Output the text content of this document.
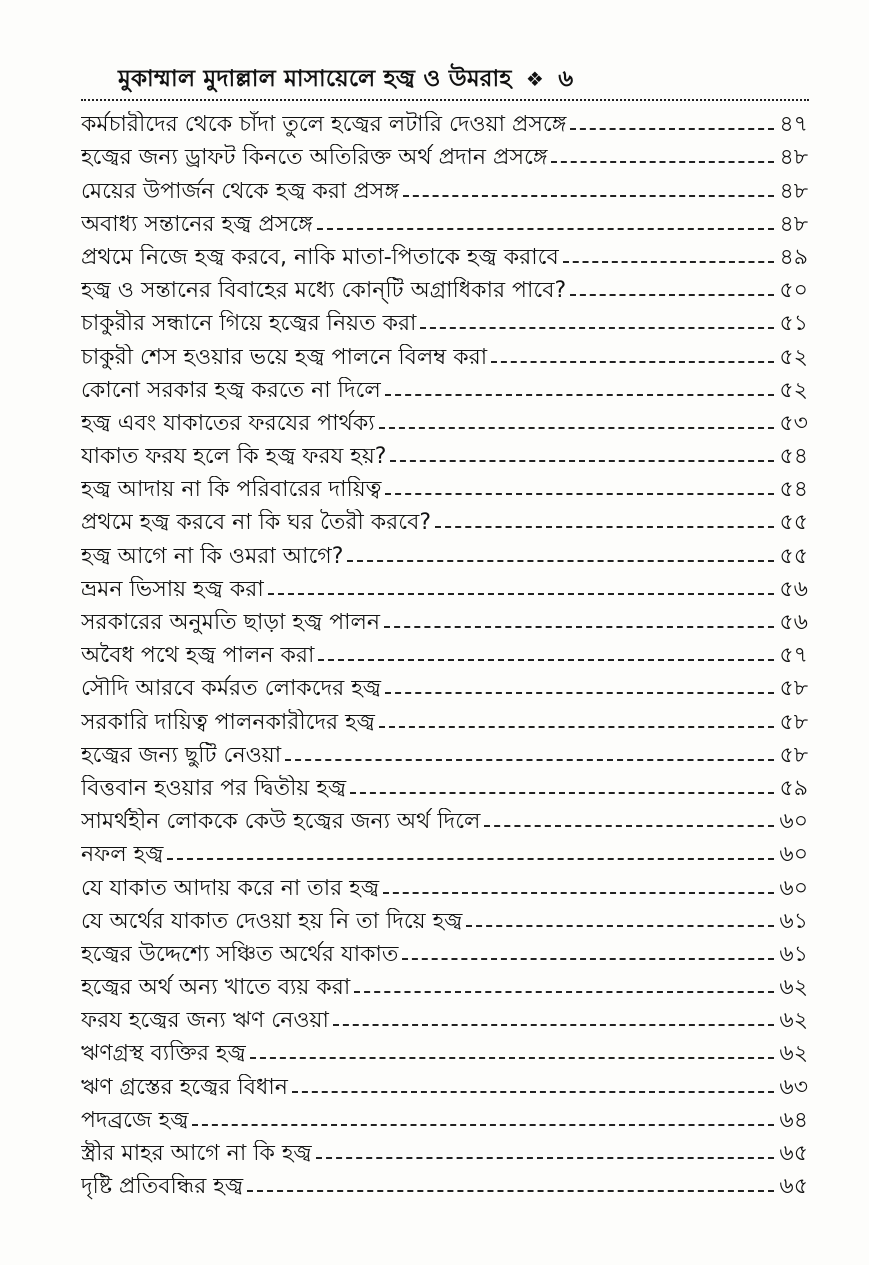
মুকাম্মাল মুদাল্লাল মাসায়েলে হজ্ব ও উমরাহ ❖ ৬
কর্মচারীদের থেকে চাঁদা তুলে হজ্বের লটারি দেওয়া প্রসঙ্গে	৪৭
হজ্বের জন্য ড্রাফট কিনতে অতিরিক্ত অর্থ প্রদান প্রসঙ্গে	৪৮
মেয়ের উপার্জন থেকে হজ্ব করা প্রসঙ্গ	৪৮
অবাধ্য সন্তানের হজ্ব প্রসঙ্গে	৪৮
প্রথমে নিজে হজ্ব করবে, নাকি মাতা-পিতাকে হজ্ব করাবে	৪৯
হজ্ব ও সন্তানের বিবাহের মধ্যে কোন্‌টি অগ্রাধিকার পাবে?	৫০
চাকুরীর সন্ধানে গিয়ে হজ্বের নিয়ত করা	৫১
চাকুরী শেস হওয়ার ভয়ে হজ্ব পালনে বিলম্ব করা	৫২
কোনো সরকার হজ্ব করতে না দিলে	৫২
হজ্ব এবং যাকাতের ফরযের পার্থক্য	৫৩
যাকাত ফরয হলে কি হজ্ব ফরয হয়?	৫৪
হজ্ব আদায় না কি পরিবারের দায়িত্ব	৫৪
প্রথমে হজ্ব করবে না কি ঘর তৈরী করবে?	৫৫
হজ্ব আগে না কি ওমরা আগে?	৫৫
ভ্রমন ভিসায় হজ্ব করা	৫৬
সরকারের অনুমতি ছাড়া হজ্ব পালন	৫৬
অবৈধ পথে হজ্ব পালন করা	৫৭
সৌদি আরবে কর্মরত লোকদের হজ্ব	৫৮
সরকারি দায়িত্ব পালনকারীদের হজ্ব	৫৮
হজ্বের জন্য ছুটি নেওয়া	৫৮
বিত্তবান হওয়ার পর দ্বিতীয় হজ্ব	৫৯
সামর্থহীন লোককে কেউ হজ্বের জন্য অর্থ দিলে	৬০
নফল হজ্ব	৬০
যে যাকাত আদায় করে না তার হজ্ব	৬০
যে অর্থের যাকাত দেওয়া হয় নি তা দিয়ে হজ্ব	৬১
হজ্বের উদ্দেশ্যে সঞ্চিত অর্থের যাকাত	৬১
হজ্বের অর্থ অন্য খাতে ব্যয় করা	৬২
ফরয হজ্বের জন্য ঋণ নেওয়া	৬২
ঋণগ্রস্থ ব্যক্তির হজ্ব	৬২
ঋণ গ্রস্তের হজ্বের বিধান	৬৩
পদব্রজে হজ্ব	৬৪
স্ত্রীর মাহর আগে না কি হজ্ব	৬৫
দৃষ্টি প্রতিবন্ধির হজ্ব	৬৫
